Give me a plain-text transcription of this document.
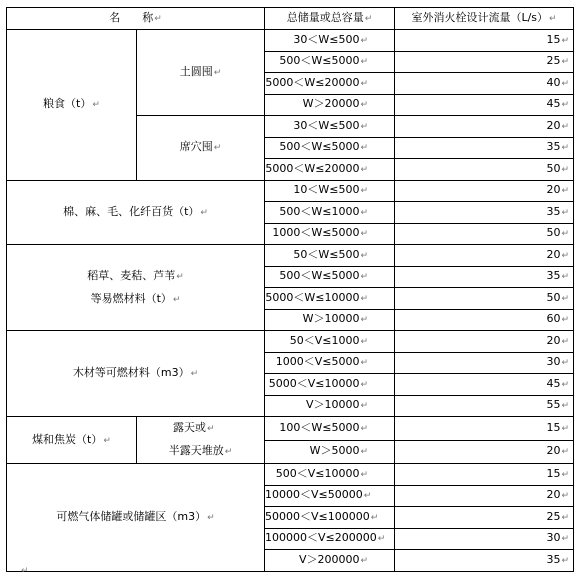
名　　称↵		总储量或总容量↵	室外消火栓设计流量（L/s）↵
粮食（t）↵	土圆囤↵	30＜W≤500↵	15↵
		500＜W≤5000↵	25↵
		5000＜W≤20000↵	40↵
		W＞20000↵	45↵
	席穴囤↵	30＜W≤500↵	20↵
		500＜W≤5000↵	35↵
		5000＜W≤20000↵	50↵
棉、麻、毛、化纤百货（t）↵		10＜W≤500↵	20↵
		500＜W≤1000↵	35↵
		1000＜W≤5000↵	50↵

稻草、麦秸、芦苇↵
等易燃材料（t）↵		50＜W≤500↵	20↵
		500＜W≤5000↵	35↵
		5000＜W≤10000↵	50↵
		W＞10000↵	60↵
木材等可燃材料（m3）↵		50＜V≤1000↵	20↵
		1000＜V≤5000↵	30↵
		5000＜V≤10000↵	45↵
		V＞10000↵	55↵
煤和焦炭（t）↵	露天或↵
半露天堆放↵	100＜W≤5000↵	15↵
		W＞5000↵	20↵
可燃气体储罐或储罐区（m3）↵		500＜V≤10000↵	15↵
		10000＜V≤50000↵	20↵
		50000＜V≤100000↵	25↵
		100000＜V≤200000↵	30↵
		V＞200000↵	35↵
↵
